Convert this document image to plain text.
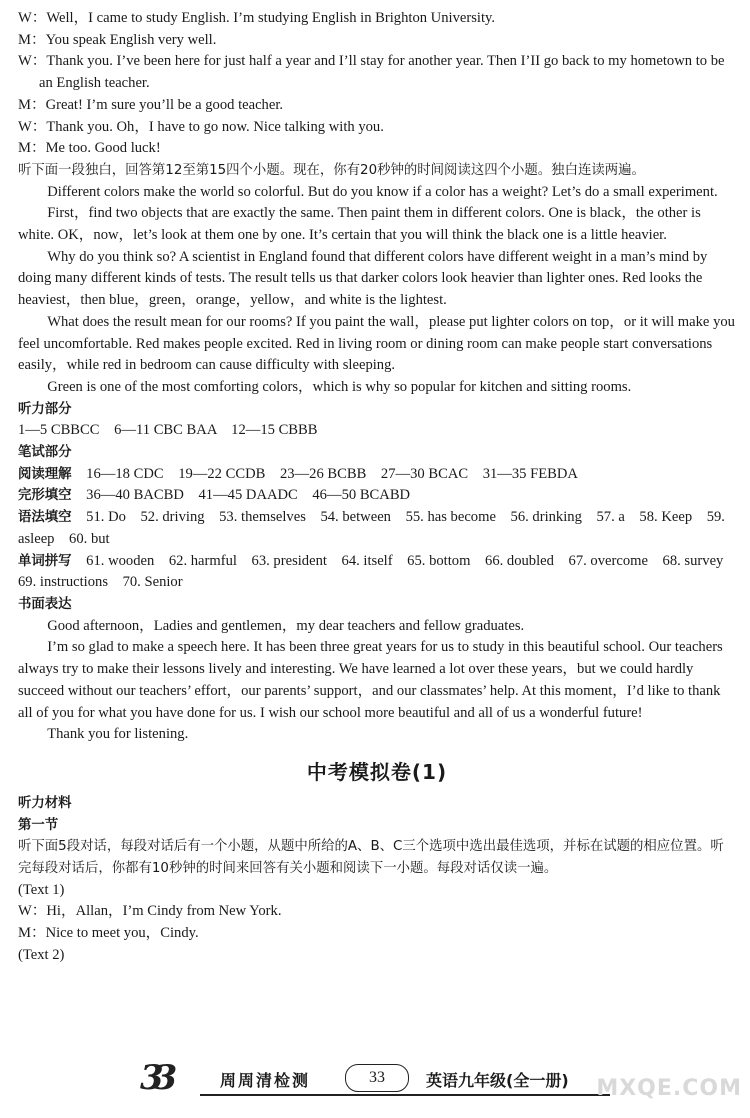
W：Well，I came to study English. I’m studying English in Brighton University.

M：You speak English very well.

W：Thank you. I’ve been here for just half a year and I’ll stay for another year. Then I’II go back to my hometown to be an English teacher.

M：Great! I’m sure you’ll be a good teacher.

W：Thank you. Oh，I have to go now. Nice talking with you.

M：Me too. Good luck!

听下面一段独白，回答第12至第15四个小题。现在，你有20秒钟的时间阅读这四个小题。独白连读两遍。

Different colors make the world so colorful. But do you know if a color has a weight? Let’s do a small experiment.

First，find two objects that are exactly the same. Then paint them in different colors. One is black，the other is white. OK，now，let’s look at them one by one. It’s certain that you will think the black one is a little heavier.

Why do you think so? A scientist in England found that different colors have different weight in a man’s mind by doing many different kinds of tests. The result tells us that darker colors look heavier than lighter ones. Red looks the heaviest，then blue，green，orange，yellow，and white is the lightest.

What does the result mean for our rooms? If you paint the wall，please put lighter colors on top，or it will make you feel uncomfortable. Red makes people excited. Red in living room or dining room can make people start conversations easily，while red in bedroom can cause difficulty with sleeping.

Green is one of the most comforting colors，which is why so popular for kitchen and sitting rooms.

听力部分

1—5 CBBCC　6—11 CBC BAA　12—15 CBBB

笔试部分

阅读理解　 16—18 CDC　19—22 CCDB　23—26 BCBB　27—30 BCAC　31—35 FEBDA

完形填空　 36—40 BACBD　41—45 DAADC　46—50 BCABD

语法填空　 51. Do　52. driving　53. themselves　54. between　55. has become　56. drinking　57. a　58. Keep　59. asleep　60. but

单词拼写　 61. wooden　62. harmful　63. president　64. itself　65. bottom　66. doubled　67. overcome　68. survey　69. instructions　70. Senior

书面表达

Good afternoon，Ladies and gentlemen，my dear teachers and fellow graduates.

I’m so glad to make a speech here. It has been three great years for us to study in this beautiful school. Our teachers always try to make their lessons lively and interesting. We have learned a lot over these years，but we could hardly succeed without our teachers’ effort，our parents’ support，and our classmates’ help. At this moment，I’d like to thank all of you for what you have done for us. I wish our school more beautiful and all of us a wonderful future!

Thank you for listening.

中考模拟卷(1)

听力材料

第一节

听下面5段对话，每段对话后有一个小题，从题中所给的A、B、C三个选项中选出最佳选项，并标在试题的相应位置。听完每段对话后，你都有10秒钟的时间来回答有关小题和阅读下一小题。每段对话仅读一遍。

(Text 1)

W：Hi，Allan，I’m Cindy from New York.

M：Nice to meet you，Cindy.

(Text 2)

33	周周清检测	33	英语九年级(全一册) MXQE.COM
